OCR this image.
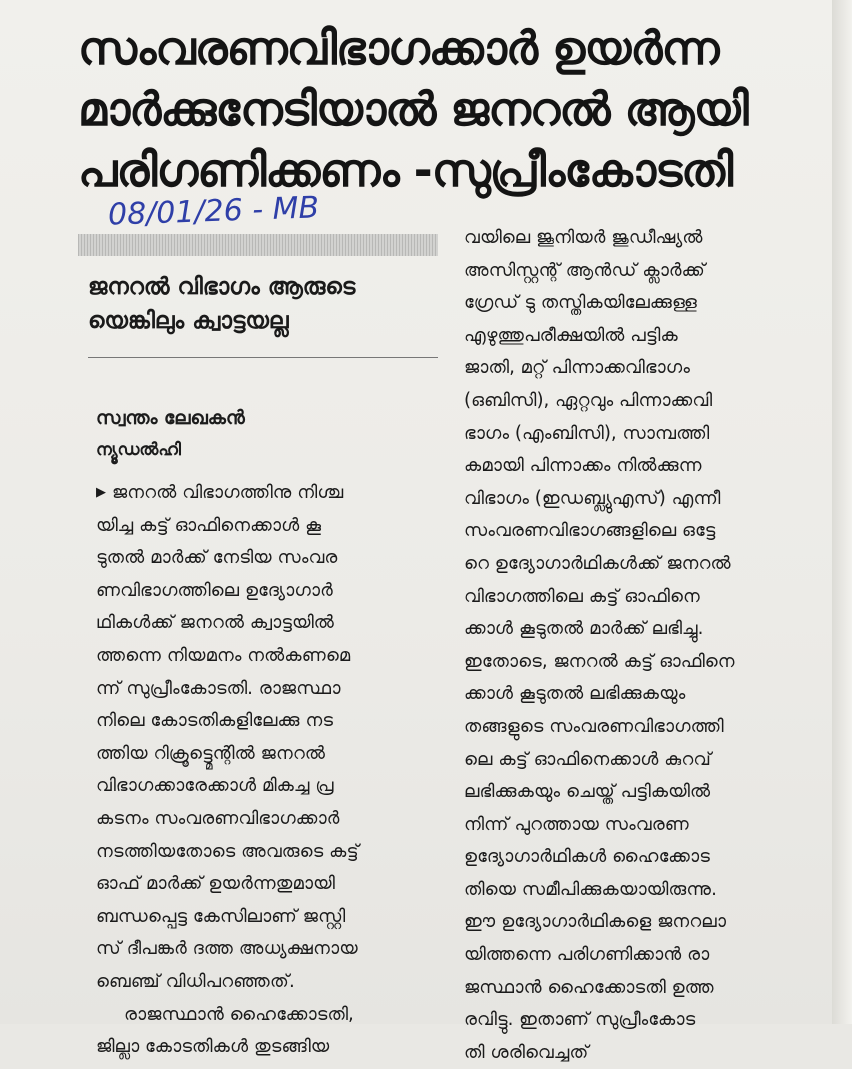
സംവരണവിഭാഗക്കാർ ഉയർന്ന
മാർക്കുനേടിയാൽ ജനറൽ ആയി
പരിഗണിക്കണം -സുപ്രീംകോടതി
08/01/26 - MB
ജനറൽ വിഭാഗം ആരുടെ
യെങ്കിലും ക്വാട്ടയല്ല
സ്വന്തം ലേഖകൻ
ന്യൂഡൽഹി
▶ ജനറൽ വിഭാഗത്തിനു നിശ്ച
യിച്ച കട്ട് ഓഫിനെക്കാൾ കൂ
ടുതൽ മാർക്ക് നേടിയ സംവര
ണവിഭാഗത്തിലെ ഉദ്യോഗാർ
ഥികൾക്ക് ജനറൽ ക്വാട്ടയിൽ
ത്തന്നെ നിയമനം നൽകണമെ
ന്ന് സുപ്രീംകോടതി. രാജസ്ഥാ
നിലെ കോടതികളിലേക്കു നട
ത്തിയ റിക്രൂട്ട്മെന്റിൽ ജനറൽ
വിഭാഗക്കാരേക്കാൾ മികച്ച പ്ര
കടനം സംവരണവിഭാഗക്കാർ
നടത്തിയതോടെ അവരുടെ കട്ട്
ഓഫ് മാർക്ക് ഉയർന്നതുമായി
ബന്ധപ്പെട്ട കേസിലാണ് ജസ്റ്റി
സ് ദീപങ്കർ ദത്ത അധ്യക്ഷനായ
ബെഞ്ച് വിധിപറഞ്ഞത്.
രാജസ്ഥാൻ ഹൈക്കോടതി,
ജില്ലാ കോടതികൾ തുടങ്ങിയ
വയിലെ ജൂനിയർ ജുഡീഷ്യൽ
അസിസ്റ്റന്റ് ആൻഡ് ക്ലാർക്ക്
ഗ്രേഡ് ടു തസ്തികയിലേക്കുള്ള
എഴുത്തുപരീക്ഷയിൽ പട്ടിക
ജാതി, മറ്റ് പിന്നാക്കവിഭാഗം
(ഒബിസി), ഏറ്റവും പിന്നാക്കവി
ഭാഗം (എംബിസി), സാമ്പത്തി
കമായി പിന്നാക്കം നിൽക്കുന്ന
വിഭാഗം (ഇഡബ്ല്യുഎസ്) എന്നീ
സംവരണവിഭാഗങ്ങളിലെ ഒട്ടേ
റെ ഉദ്യോഗാർഥികൾക്ക് ജനറൽ
വിഭാഗത്തിലെ കട്ട് ഓഫിനെ
ക്കാൾ കൂടുതൽ മാർക്ക് ലഭിച്ചു.
ഇതോടെ, ജനറൽ കട്ട് ഓഫിനെ
ക്കാൾ കൂടുതൽ ലഭിക്കുകയും
തങ്ങളുടെ സംവരണവിഭാഗത്തി
ലെ കട്ട് ഓഫിനെക്കാൾ കുറവ്
ലഭിക്കുകയും ചെയ്ത് പട്ടികയിൽ
നിന്ന് പുറത്തായ സംവരണ
ഉദ്യോഗാർഥികൾ ഹൈക്കോട
തിയെ സമീപിക്കുകയായിരുന്നു.
ഈ ഉദ്യോഗാർഥികളെ ജനറലാ
യിത്തന്നെ പരിഗണിക്കാൻ രാ
ജസ്ഥാൻ ഹൈക്കോടതി ഉത്ത
രവിട്ടു. ഇതാണ് സുപ്രീംകോട
തി ശരിവെച്ചത്
